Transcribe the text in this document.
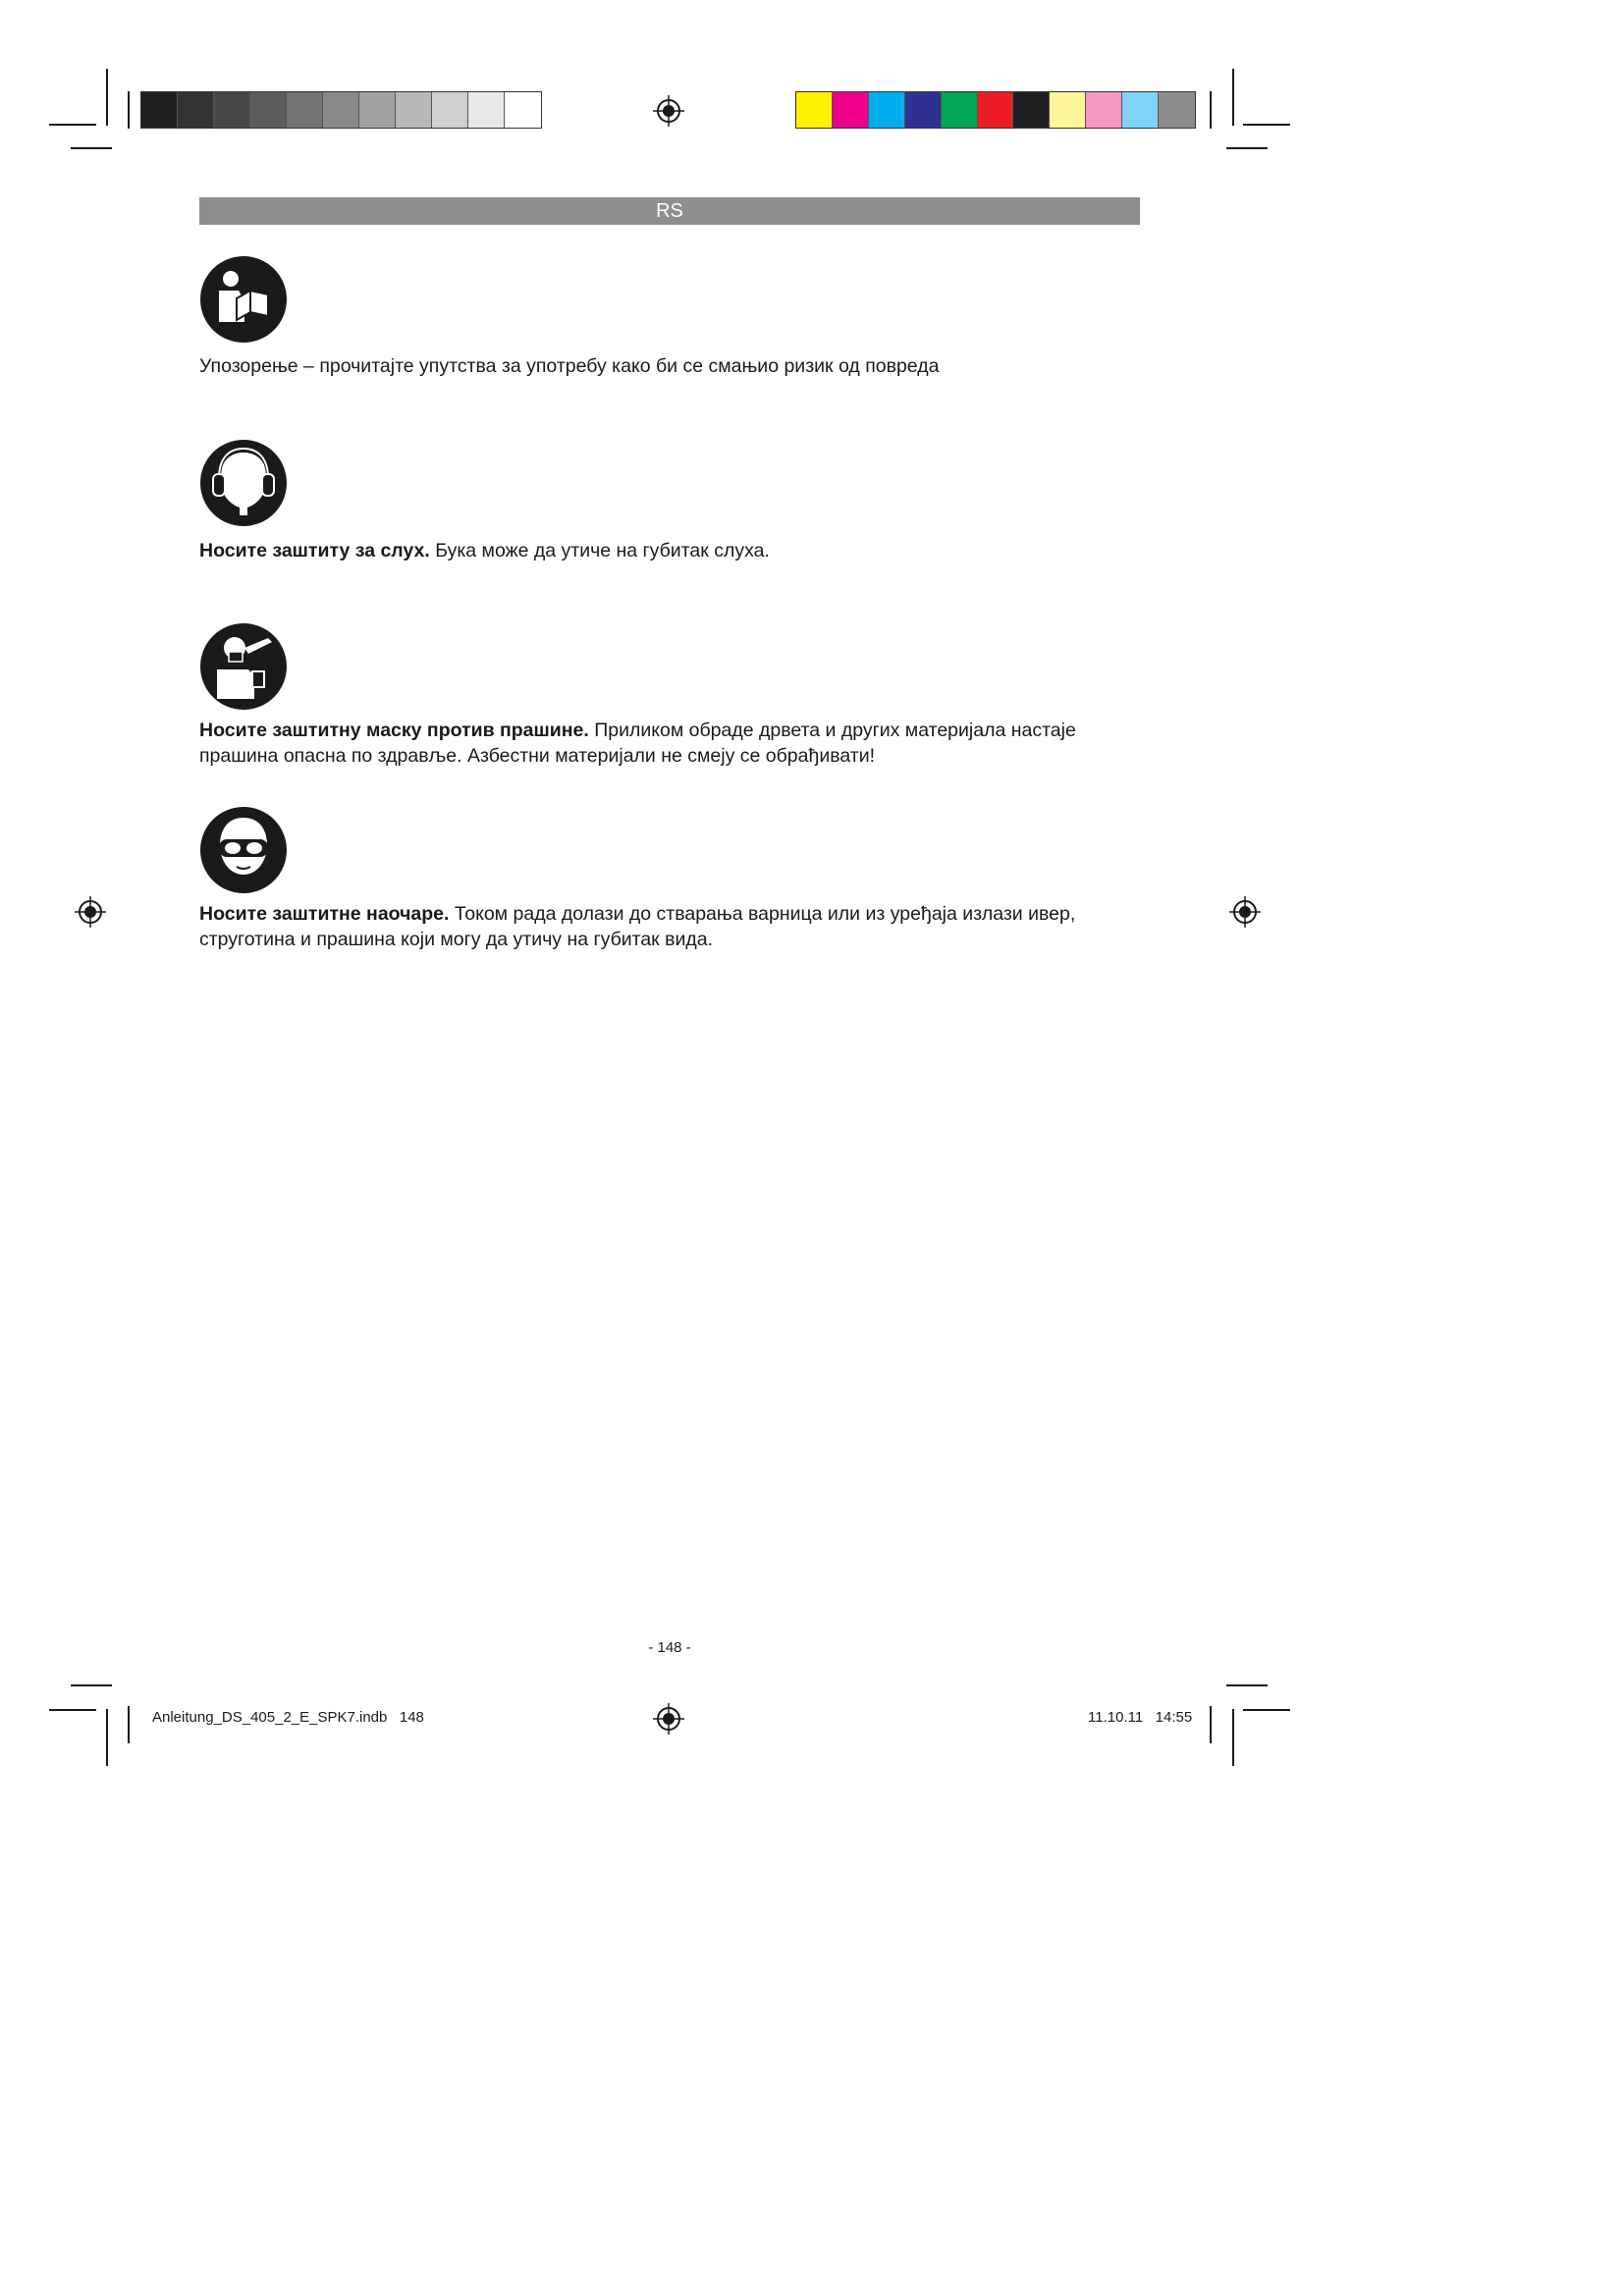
RS
Упозорење – прочитајте упутства за употребу како би се смањио ризик од повреда
Носите заштиту за слух. Бука може да утиче на губитак слуха.
Носите заштитну маску против прашине. Приликом обраде дрвета и других материјала настаје прашина опасна по здравље. Азбестни материјали не смеју се обрађивати!
Носите заштитне наочаре. Током рада долази до стварања варница или из уређаја излази ивер, струготина и прашина који могу да утичу на губитак вида.
- 148 -
Anleitung_DS_405_2_E_SPK7.indb   148	11.10.11   14:55
